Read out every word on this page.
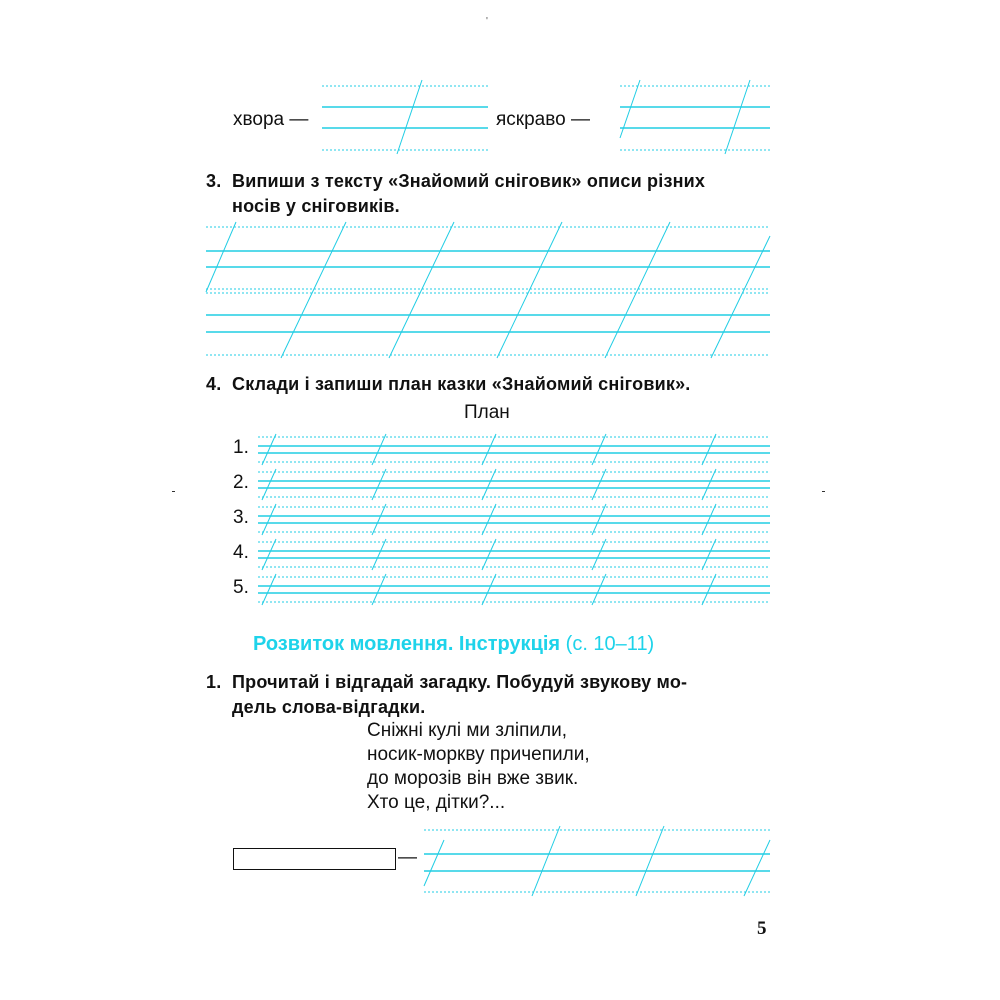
'
хвора —	яскраво —
3. Випиши з тексту «Знайомий сніговик» описи різних
носів у сніговиків.
4. Склади і запиши план казки «Знайомий сніговик».
План
1.
2.
3.
4.
5.
Розвиток мовлення. Інструкція (с. 10–11)
1. Прочитай і відгадай загадку. Побудуй звукову мо-
дель слова-відгадки.
Сніжні кулі ми зліпили,
носик-моркву причепили,
до морозів він вже звик.
Хто це, дітки?...
—
5
